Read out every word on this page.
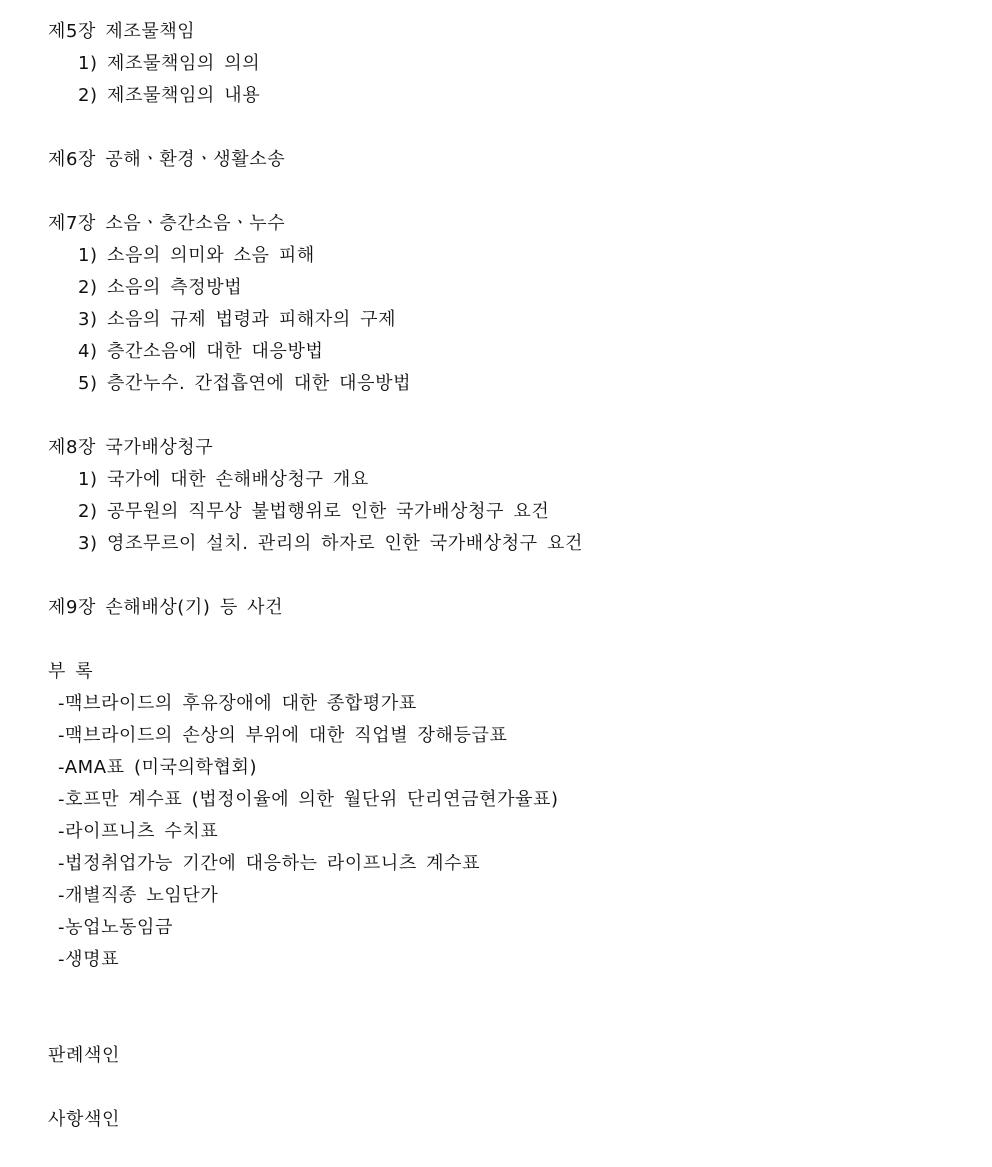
제5장 제조물책임
1) 제조물책임의 의의
2) 제조물책임의 내용
제6장 공해ㆍ환경ㆍ생활소송
제7장 소음ㆍ층간소음ㆍ누수
1) 소음의 의미와 소음 피해
2) 소음의 측정방법
3) 소음의 규제 법령과 피해자의 구제
4) 층간소음에 대한 대응방법
5) 층간누수. 간접흡연에 대한 대응방법
제8장 국가배상청구
1) 국가에 대한 손해배상청구 개요
2) 공무원의 직무상 불법행위로 인한 국가배상청구 요건
3) 영조무르이 설치. 관리의 하자로 인한 국가배상청구 요건
제9장 손해배상(기) 등 사건
부 록
-맥브라이드의 후유장애에 대한 종합평가표
-맥브라이드의 손상의 부위에 대한 직업별 장해등급표
-AMA표 (미국의학협회)
-호프만 계수표 (법정이율에 의한 월단위 단리연금현가율표)
-라이프니츠 수치표
-법정취업가능 기간에 대응하는 라이프니츠 계수표
-개별직종 노임단가
-농업노동임금
-생명표
판례색인
사항색인
